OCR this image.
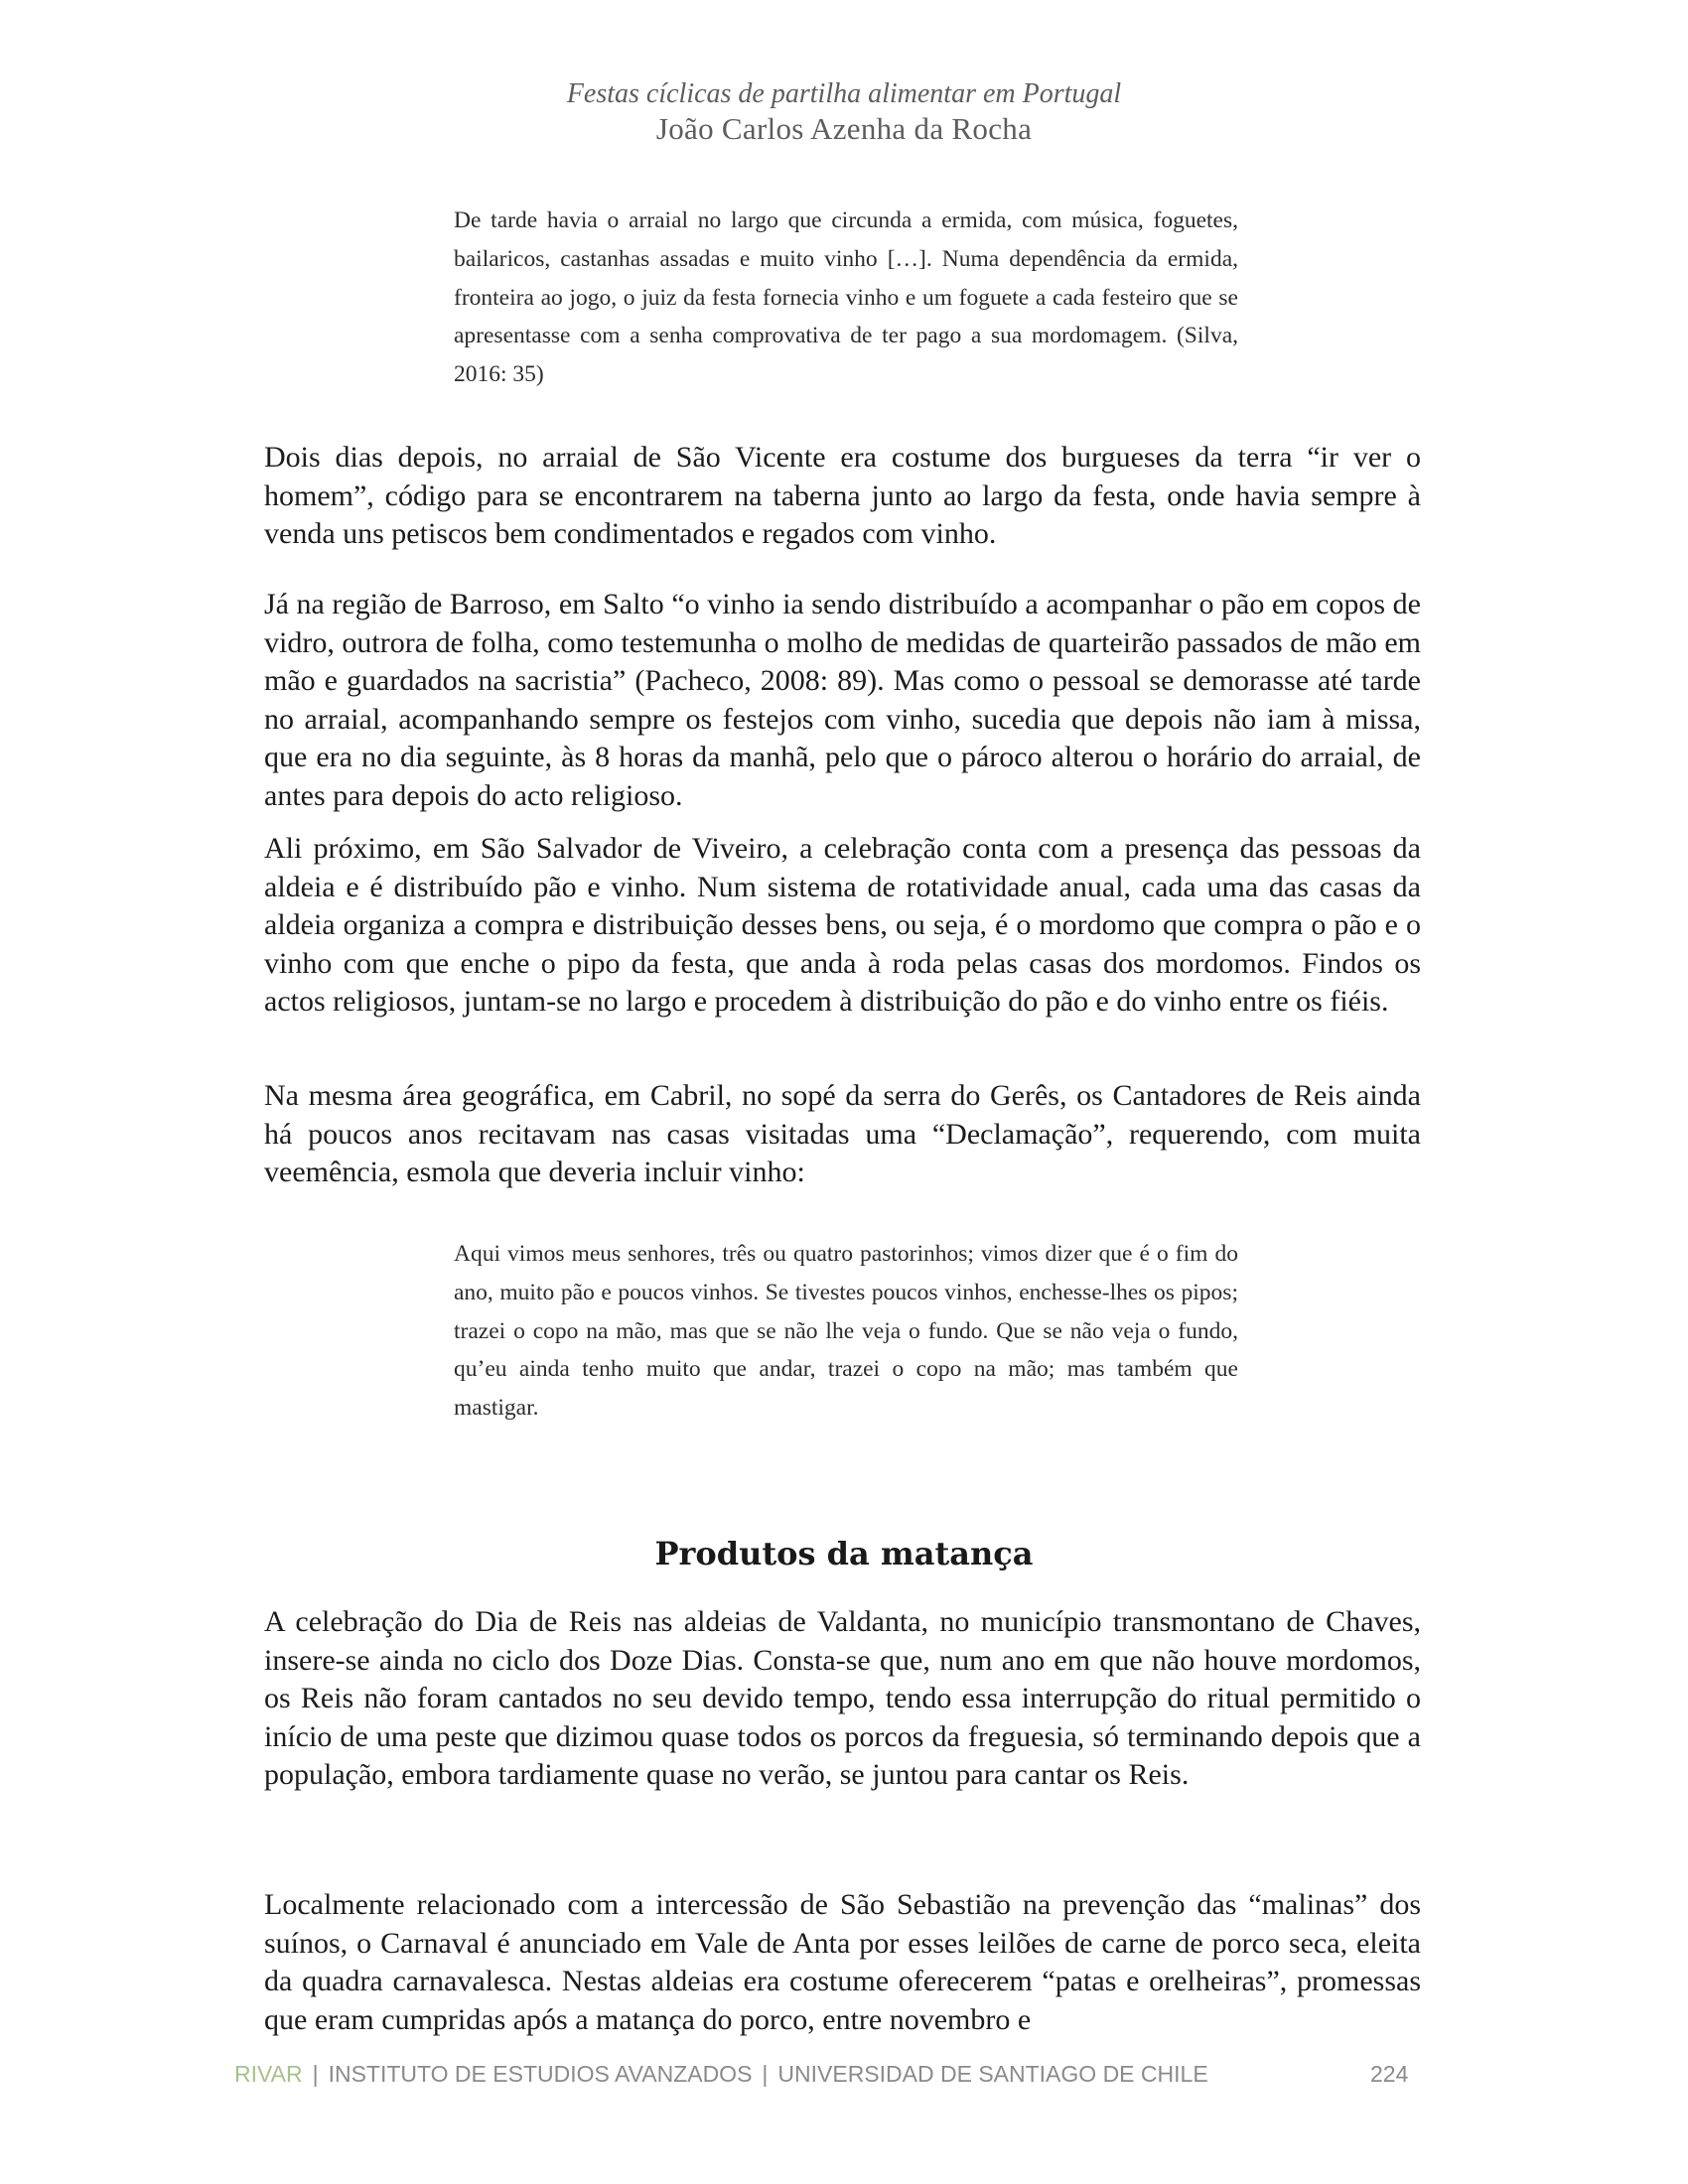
Festas cíclicas de partilha alimentar em Portugal
João Carlos Azenha da Rocha
De tarde havia o arraial no largo que circunda a ermida, com música, foguetes, bailaricos, castanhas assadas e muito vinho […]. Numa dependência da ermida, fronteira ao jogo, o juiz da festa fornecia vinho e um foguete a cada festeiro que se apresentasse com a senha comprovativa de ter pago a sua mordomagem. (Silva, 2016: 35)

Dois dias depois, no arraial de São Vicente era costume dos burgueses da terra “ir ver o homem”, código para se encontrarem na taberna junto ao largo da festa, onde havia sempre à venda uns petiscos bem condimentados e regados com vinho.

Já na região de Barroso, em Salto “o vinho ia sendo distribuído a acompanhar o pão em copos de vidro, outrora de folha, como testemunha o molho de medidas de quarteirão passados de mão em mão e guardados na sacristia” (Pacheco, 2008: 89). Mas como o pessoal se demorasse até tarde no arraial, acompanhando sempre os festejos com vinho, sucedia que depois não iam à missa, que era no dia seguinte, às 8 horas da manhã, pelo que o pároco alterou o horário do arraial, de antes para depois do acto religioso.

Ali próximo, em São Salvador de Viveiro, a celebração conta com a presença das pessoas da aldeia e é distribuído pão e vinho. Num sistema de rotatividade anual, cada uma das casas da aldeia organiza a compra e distribuição desses bens, ou seja, é o mordomo que compra o pão e o vinho com que enche o pipo da festa, que anda à roda pelas casas dos mordomos. Findos os actos religiosos, juntam-se no largo e procedem à distribuição do pão e do vinho entre os fiéis.

Na mesma área geográfica, em Cabril, no sopé da serra do Gerês, os Cantadores de Reis ainda há poucos anos recitavam nas casas visitadas uma “Declamação”, requerendo, com muita veemência, esmola que deveria incluir vinho:

Aqui vimos meus senhores, três ou quatro pastorinhos; vimos dizer que é o fim do ano, muito pão e poucos vinhos. Se tivestes poucos vinhos, enchesse-lhes os pipos; trazei o copo na mão, mas que se não lhe veja o fundo. Que se não veja o fundo, qu’eu ainda tenho muito que andar, trazei o copo na mão; mas também que mastigar.
Produtos da matança

A celebração do Dia de Reis nas aldeias de Valdanta, no município transmontano de Chaves, insere-se ainda no ciclo dos Doze Dias. Consta-se que, num ano em que não houve mordomos, os Reis não foram cantados no seu devido tempo, tendo essa interrupção do ritual permitido o início de uma peste que dizimou quase todos os porcos da freguesia, só terminando depois que a população, embora tardiamente quase no verão, se juntou para cantar os Reis.

Localmente relacionado com a intercessão de São Sebastião na prevenção das “malinas” dos suínos, o Carnaval é anunciado em Vale de Anta por esses leilões de carne de porco seca, eleita da quadra carnavalesca. Nestas aldeias era costume oferecerem “patas e orelheiras”, promessas que eram cumpridas após a matança do porco, entre novembro e

RIVAR | INSTITUTO DE ESTUDIOS AVANZADOS | UNIVERSIDAD DE SANTIAGO DE CHILE	224
